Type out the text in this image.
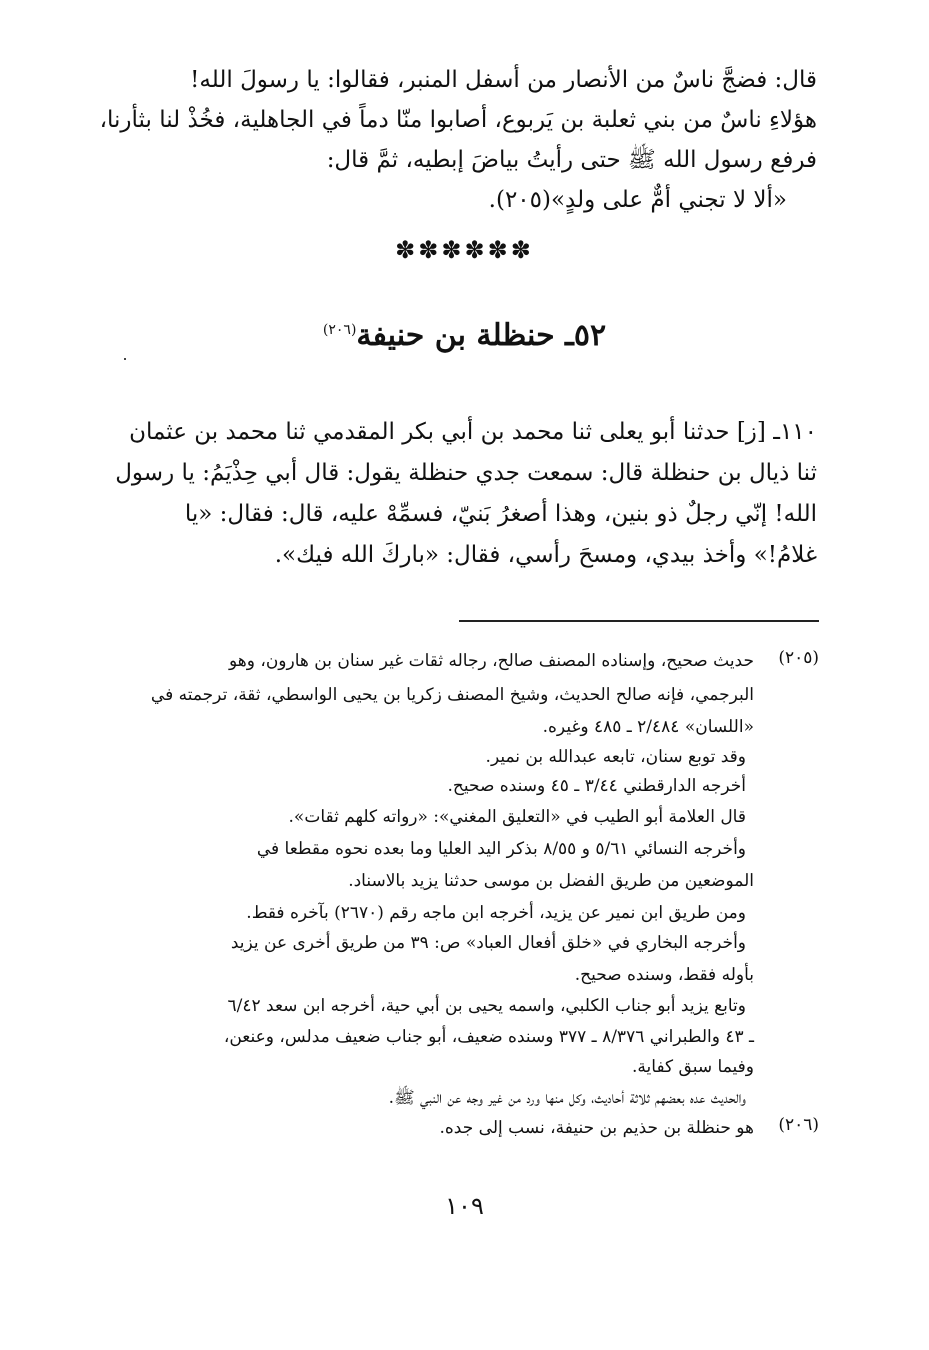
قال: فضجَّ ناسٌ من الأنصار من أسفل المنبر، فقالوا: يا رسولَ الله!
هؤلاءِ ناسٌ من بني ثعلبة بن يَربوع، أصابوا منّا دماً في الجاهلية، فخُذْ لنا بثأرنا،
فرفع رسول الله ﷺ حتى رأيتُ بياضَ إبطيه، ثمَّ قال:
«ألا لا تجني أمٌّ على ولدٍ»(٢٠٥).
✽✽✽✽✽✽
٥٢ـ حنظلة بن حنيفة$^{(٢٠٦)}$
١١٠ـ [ز] حدثنا أبو يعلى ثنا محمد بن أبي بكر المقدمي ثنا محمد بن عثمان
ثنا ذيال بن حنظلة قال: سمعت جدي حنظلة يقول: قال أبي حِذْيَمُ: يا رسول
الله! إنّي رجلٌ ذو بنين، وهذا أصغرُ بَنيّ، فسمِّهْ عليه، قال: فقال: «يا
غلامُ!» وأخذ بيدي، ومسحَ رأسي، فقال: «باركَ الله فيك».
(٢٠٥)
حديث صحيح، وإسناده المصنف صالح، رجاله ثقات غير سنان بن هارون، وهو
البرجمي، فإنه صالح الحديث، وشيخ المصنف زكريا بن يحيى الواسطي، ثقة، ترجمته في
«اللسان» ٢/٤٨٤ ـ ٤٨٥ وغيره.
وقد توبع سنان، تابعه عبدالله بن نمير.
أخرجه الدارقطني ٣/٤٤ ـ ٤٥ وسنده صحيح.
قال العلامة أبو الطيب في «التعليق المغني»: «رواته كلهم ثقات».
وأخرجه النسائي ٥/٦١ و ٨/٥٥ بذكر اليد العليا وما بعده نحوه مقطعا في
الموضعين من طريق الفضل بن موسى حدثنا يزيد بالاسناد.
ومن طريق ابن نمير عن يزيد، أخرجه ابن ماجه رقم (٢٦٧٠) بآخره فقط.
وأخرجه البخاري في «خلق أفعال العباد» ص: ٣٩ من طريق أخرى عن يزيد
بأوله فقط، وسنده صحيح.
وتابع يزيد أبو جناب الكلبي، واسمه يحيى بن أبي حية، أخرجه ابن سعد ٦/٤٢
ـ ٤٣ والطبراني ٨/٣٧٦ ـ ٣٧٧ وسنده ضعيف، أبو جناب ضعيف مدلس، وعنعن،
وفيما سبق كفاية.
والحديث عده بعضهم ثلاثة أحاديث، وكل منها ورد من غير وجه عن النبي ﷺ.
(٢٠٦)
هو حنظلة بن حذيم بن حنيفة، نسب إلى جده.
١٠٩
